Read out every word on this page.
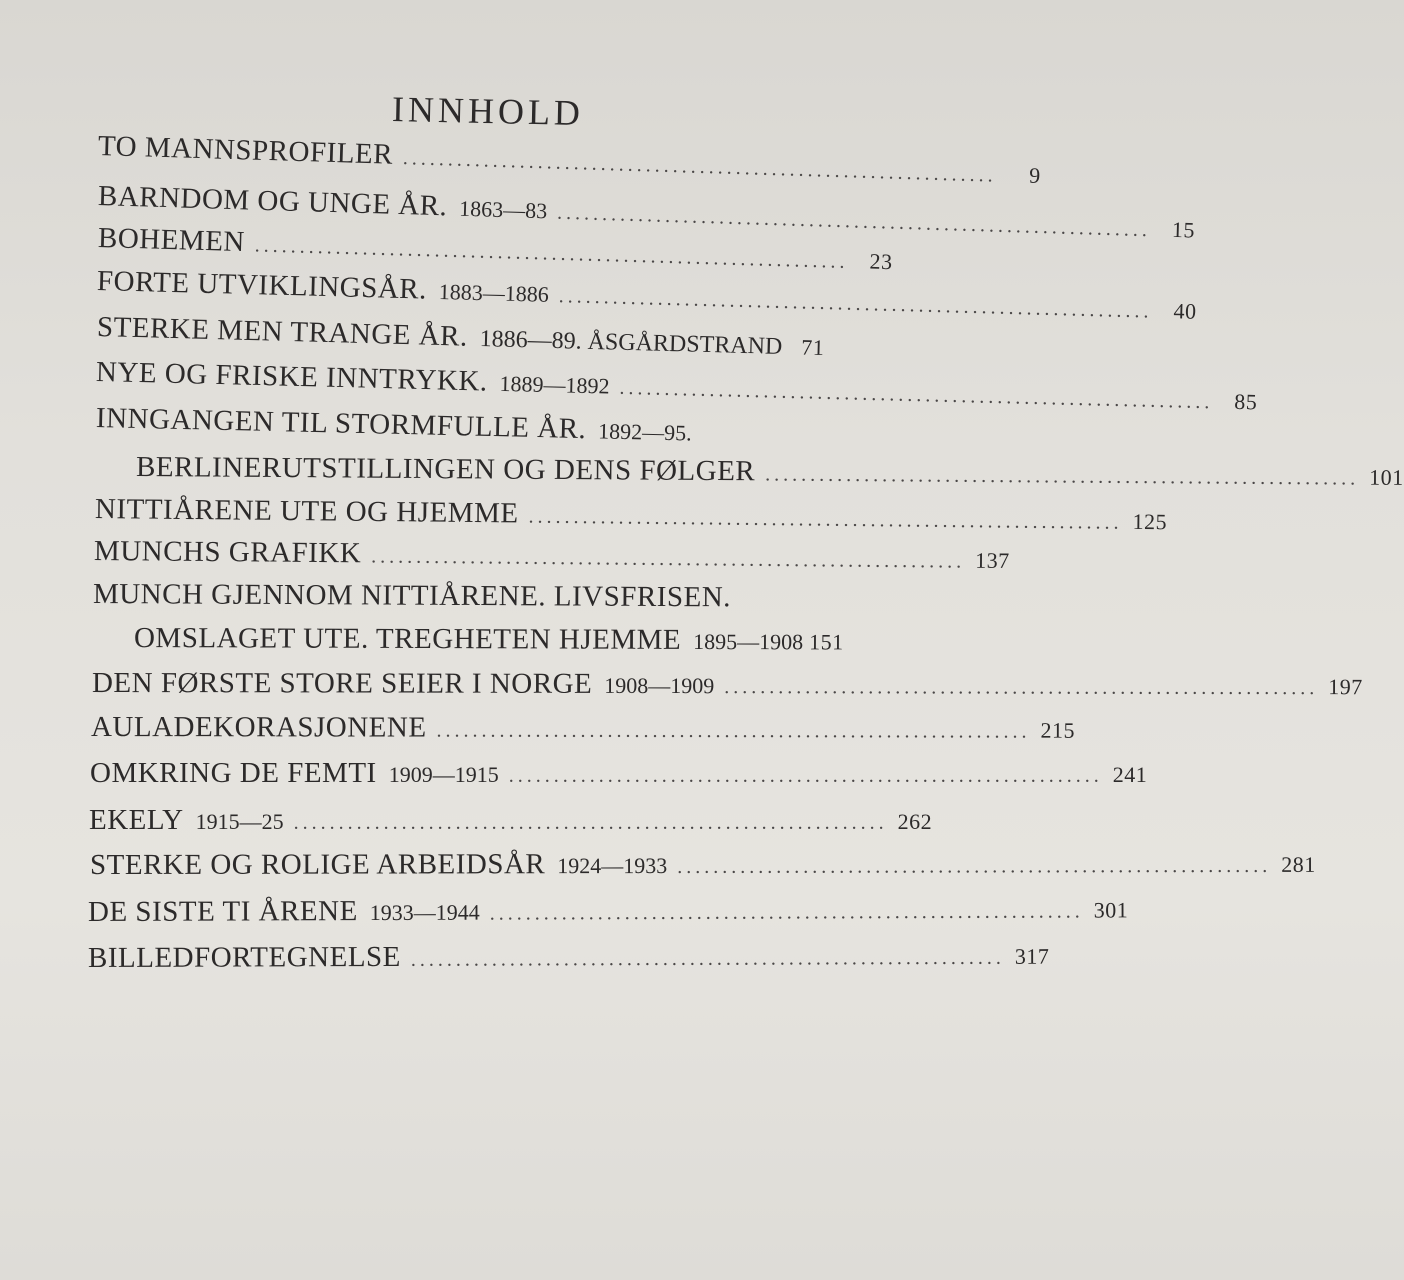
INNHOLD
TO MANNSPROFILER ..................................................................	9
BARNDOM OG UNGE ÅR. 1863—83 .................................................................. 15
BOHEMEN .................................................................. 23
FORTE UTVIKLINGSÅR. 1883—1886 .................................................................. 40
STERKE MEN TRANGE ÅR. 1886—89. ÅSGÅRDSTRAND 71
NYE OG FRISKE INNTRYKK. 1889—1892 .................................................................. 85
INNGANGEN TIL STORMFULLE ÅR. 1892—95.
BERLINERUTSTILLINGEN OG DENS FØLGER .................................................................. 101
NITTIÅRENE UTE OG HJEMME .................................................................. 125
MUNCHS GRAFIKK .................................................................. 137
MUNCH GJENNOM NITTIÅRENE. LIVSFRISEN.
OMSLAGET UTE. TREGHETEN HJEMME 1895—1908 151
DEN FØRSTE STORE SEIER I NORGE 1908—1909 .................................................................. 197
AULADEKORASJONENE .................................................................. 215
OMKRING DE FEMTI 1909—1915 .................................................................. 241
EKELY 1915—25 .................................................................. 262
STERKE OG ROLIGE ARBEIDSÅR 1924—1933 .................................................................. 281
DE SISTE TI ÅRENE 1933—1944 .................................................................. 301
BILLEDFORTEGNELSE .................................................................. 317
